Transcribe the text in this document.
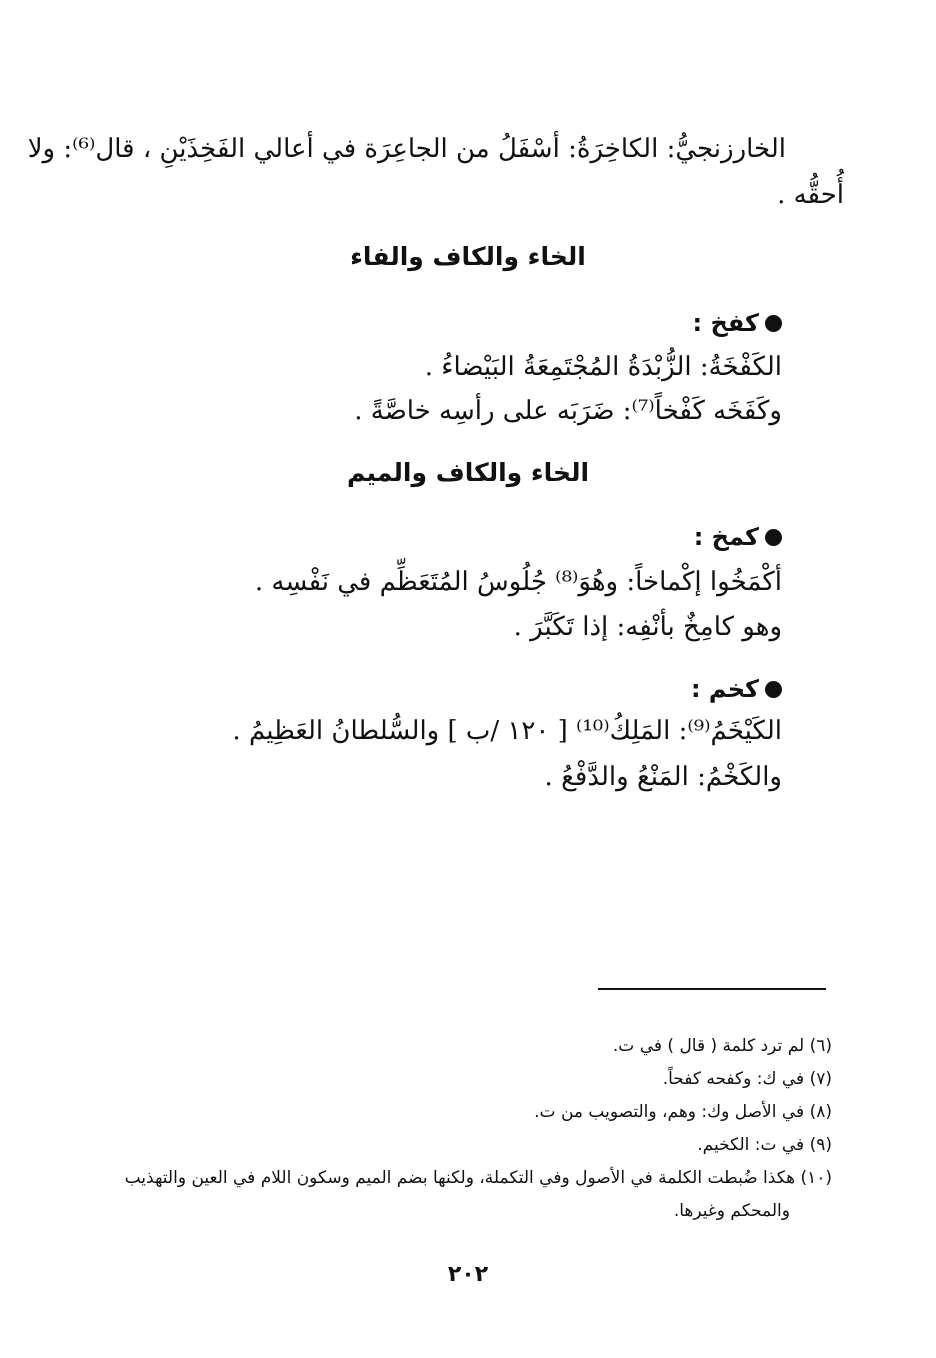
الخارزنجيُّ: الكاخِرَةُ: أسْفَلُ من الجاعِرَة في أعالي الفَخِذَيْنِ ، قال⁽⁶⁾: ولا
أُحقُّه .
الخاء والكاف والفاء
كفخ :
الكَفْخَةُ: الزُّبْدَةُ المُجْتَمِعَةُ البَيْضاءُ .
وكَفَخَه كَفْخاً⁽⁷⁾: ضَرَبَه على رأسِه خاصَّةً .
الخاء والكاف والميم
كمخ :
أكْمَخُوا إكْماخاً: وهُوَ⁽⁸⁾ جُلُوسُ المُتَعَظِّم في نَفْسِه .
وهو كامِخٌ بأنْفِه: إذا تَكَبَّرَ .
كخم :
الكَيْخَمُ⁽⁹⁾: المَلِكُ⁽¹⁰⁾ [ ١٢٠ /ب ] والسُّلطانُ العَظِيمُ .
والكَخْمُ: المَنْعُ والدَّفْعُ .
(٦) لم ترد كلمة ( قال ) في ت.
(٧) في ك: وكفحه كفحاً.
(٨) في الأصل وك: وهم، والتصويب من ت.
(٩) في ت: الكخيم.
(١٠) هكذا ضُبطت الكلمة في الأصول وفي التكملة، ولكنها بضم الميم وسكون اللام في العين والتهذيب
والمحكم وغيرها.
٢٠٢
